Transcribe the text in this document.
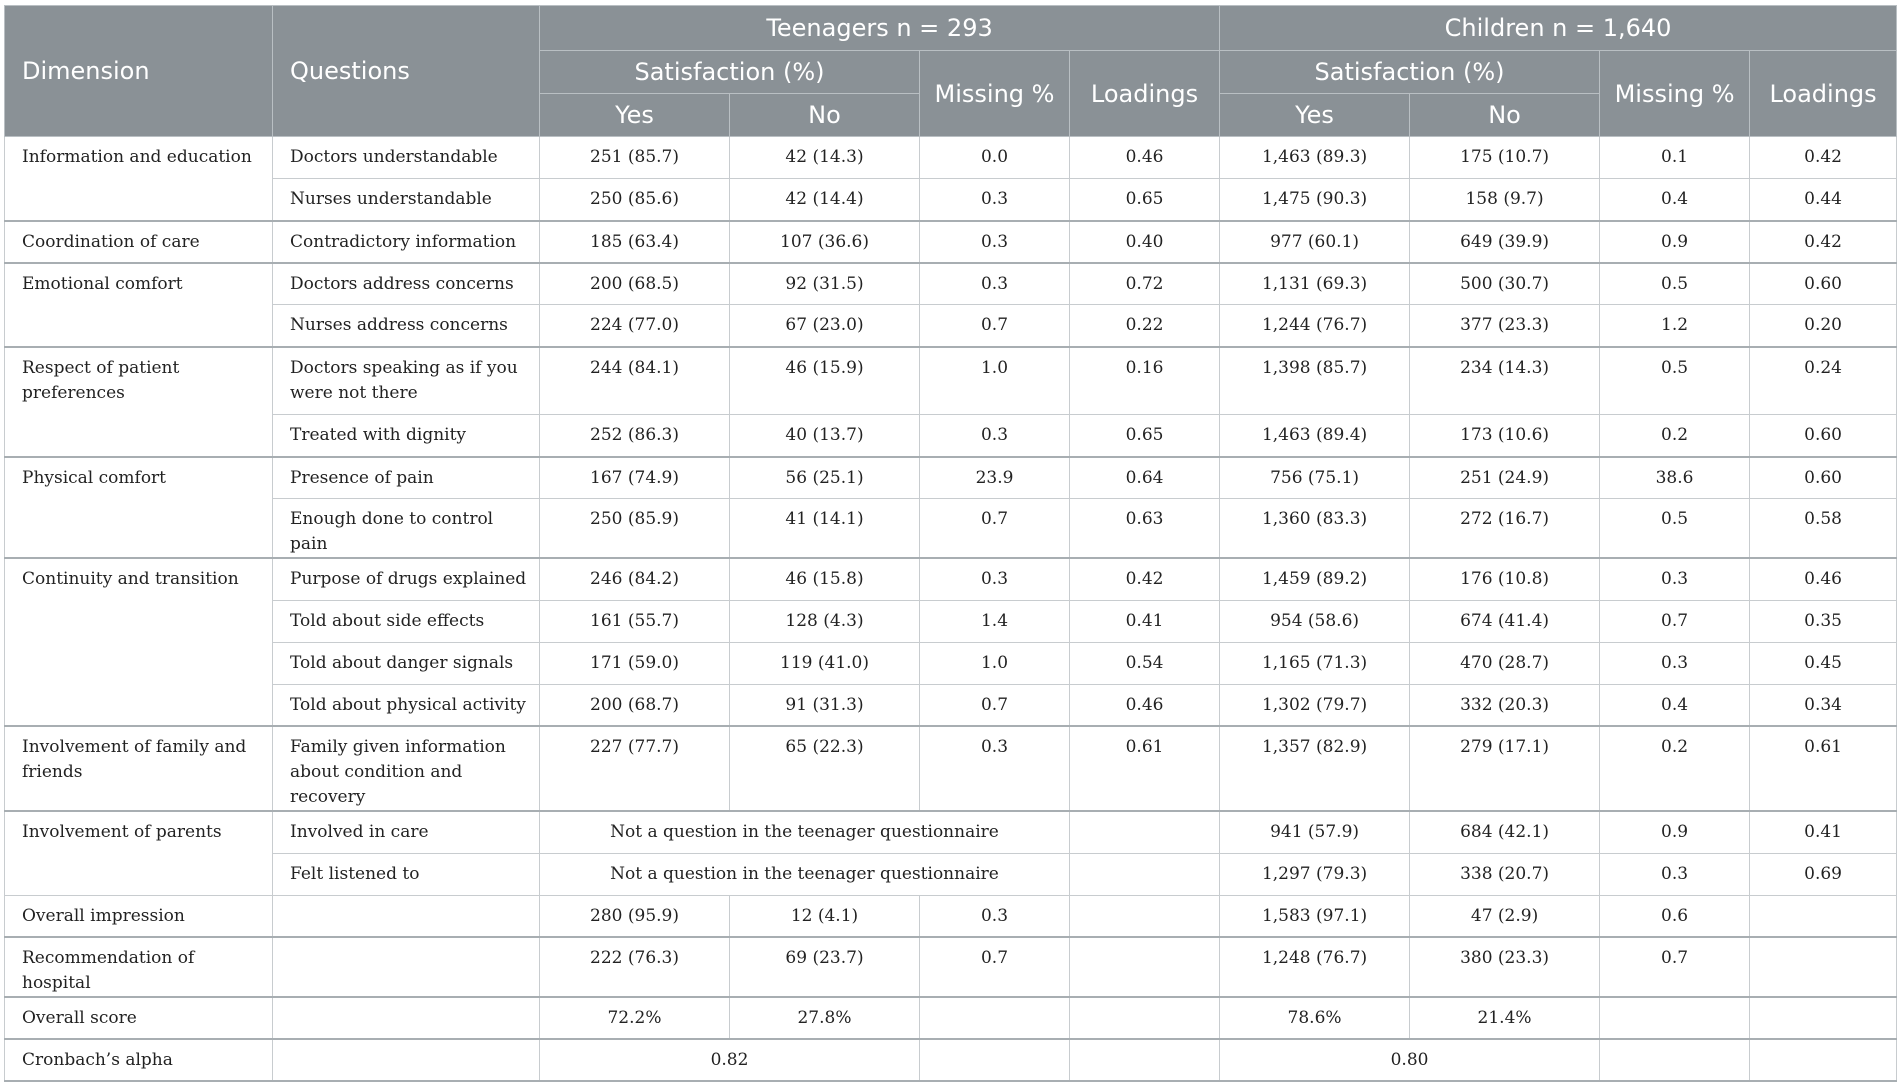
Dimension	Questions	Teenagers n = 293				Children n = 1,640			
		Satisfaction (%)		Missing %	Loadings	Satisfaction (%)		Missing %	Loadings
		Yes	No			Yes	No		
Information and education	Doctors understandable	251 (85.7)	42 (14.3)	0.0	0.46	1,463 (89.3)	175 (10.7)	0.1	0.42
	Nurses understandable	250 (85.6)	42 (14.4)	0.3	0.65	1,475 (90.3)	158 (9.7)	0.4	0.44
Coordination of care	Contradictory information	185 (63.4)	107 (36.6)	0.3	0.40	977 (60.1)	649 (39.9)	0.9	0.42
Emotional comfort	Doctors address concerns	200 (68.5)	92 (31.5)	0.3	0.72	1,131 (69.3)	500 (30.7)	0.5	0.60
	Nurses address concerns	224 (77.0)	67 (23.0)	0.7	0.22	1,244 (76.7)	377 (23.3)	1.2	0.20
Respect of patient preferences	Doctors speaking as if you were not there	244 (84.1)	46 (15.9)	1.0	0.16	1,398 (85.7)	234 (14.3)	0.5	0.24
	Treated with dignity	252 (86.3)	40 (13.7)	0.3	0.65	1,463 (89.4)	173 (10.6)	0.2	0.60
Physical comfort	Presence of pain	167 (74.9)	56 (25.1)	23.9	0.64	756 (75.1)	251 (24.9)	38.6	0.60
	Enough done to control pain	250 (85.9)	41 (14.1)	0.7	0.63	1,360 (83.3)	272 (16.7)	0.5	0.58
Continuity and transition	Purpose of drugs explained	246 (84.2)	46 (15.8)	0.3	0.42	1,459 (89.2)	176 (10.8)	0.3	0.46
	Told about side effects	161 (55.7)	128 (4.3)	1.4	0.41	954 (58.6)	674 (41.4)	0.7	0.35
	Told about danger signals	171 (59.0)	119 (41.0)	1.0	0.54	1,165 (71.3)	470 (28.7)	0.3	0.45
	Told about physical activity	200 (68.7)	91 (31.3)	0.7	0.46	1,302 (79.7)	332 (20.3)	0.4	0.34
Involvement of family and friends	Family given information about condition and recovery	227 (77.7)	65 (22.3)	0.3	0.61	1,357 (82.9)	279 (17.1)	0.2	0.61
Involvement of parents	Involved in care	Not a question in the teenager questionnaire				941 (57.9)	684 (42.1)	0.9	0.41
	Felt listened to	Not a question in the teenager questionnaire				1,297 (79.3)	338 (20.7)	0.3	0.69
Overall impression		280 (95.9)	12 (4.1)	0.3		1,583 (97.1)	47 (2.9)	0.6	
Recommendation of hospital		222 (76.3)	69 (23.7)	0.7		1,248 (76.7)	380 (23.3)	0.7	
Overall score		72.2%	27.8%			78.6%	21.4%		
Cronbach’s alpha		0.82				0.80			
